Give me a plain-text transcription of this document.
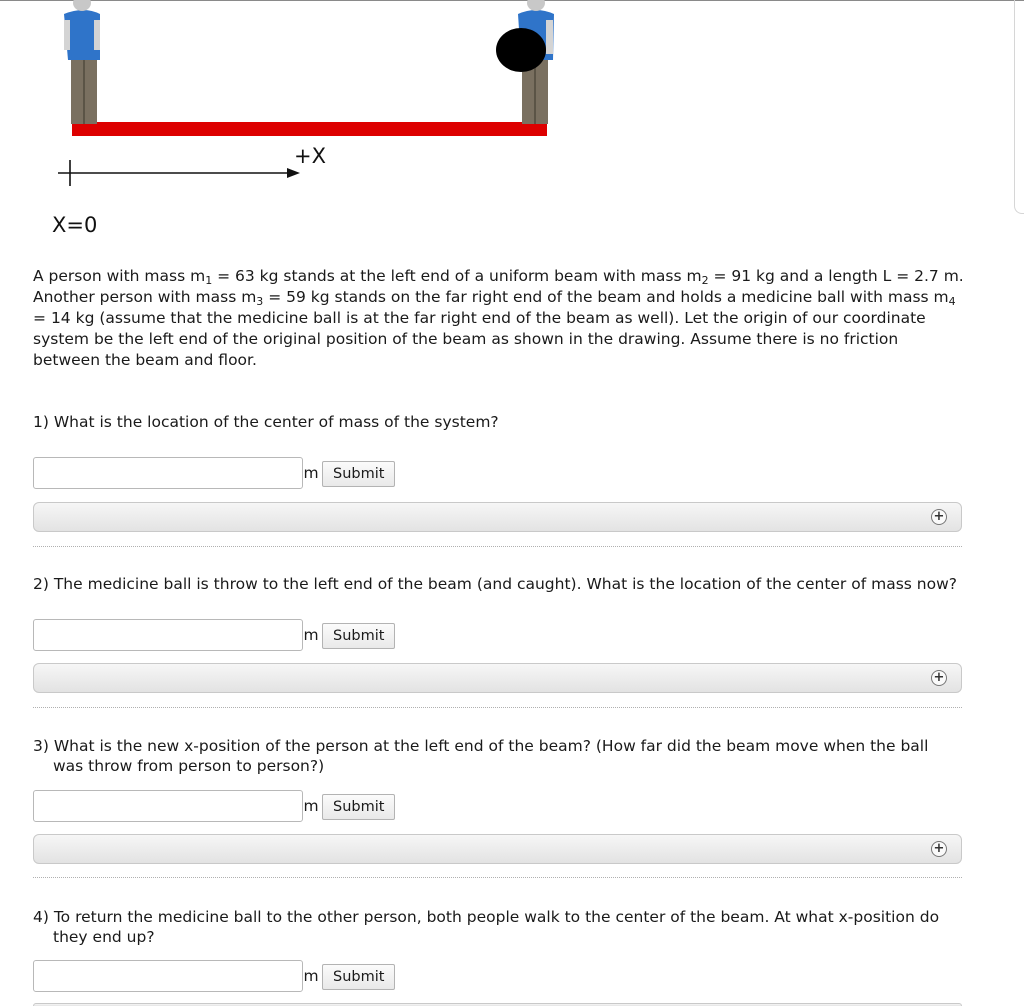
+X
X=0
A person with mass $m_1 = 63$ kg stands at the left end of a uniform beam with mass $m_2 = 91$ kg and a length L = 2.7 m.
Another person with mass $m_3 = 59$ kg stands on the far right end of the beam and holds a medicine ball with mass $m_4 = 14$ kg (assume that the medicine ball is at the far right end of the beam as well). Let the origin of our coordinate system be the left end of the original position of the beam as shown in the drawing. Assume there is no friction between the beam and floor.
1) What is the location of the center of mass of the system?
m Submit
+
2) The medicine ball is throw to the left end of the beam (and caught). What is the location of the center of mass now?
m Submit
+
3) What is the new x-position of the person at the left end of the beam? (How far did the beam move when the ball was throw from person to person?)
m Submit
+
4) To return the medicine ball to the other person, both people walk to the center of the beam. At what x-position do they end up?
m Submit
